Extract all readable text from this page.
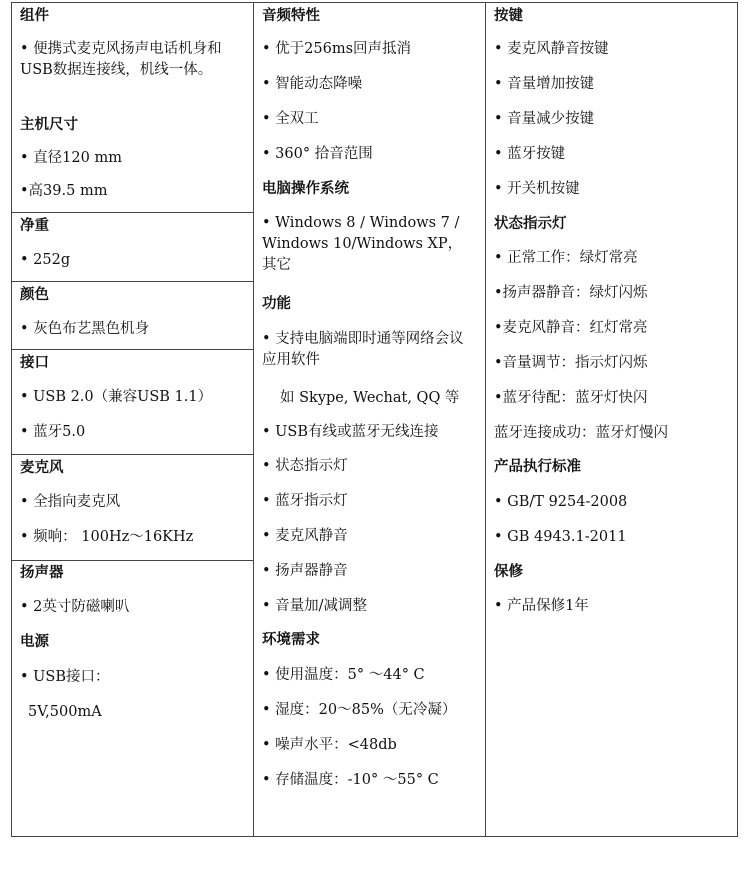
组件
• 便携式麦克风扬声电话机身和USB数据连接线，机线一体。
主机尺寸
• 直径120 mm
•高39.5 mm
净重
• 252g
颜色
• 灰色布艺黑色机身
接口
• USB 2.0（兼容USB 1.1）
• 蓝牙5.0
麦克风
• 全指向麦克风
• 频响： 100Hz～16KHz
扬声器
• 2英寸防磁喇叭
电源
• USB接口：
5V,500mA
音频特性
• 优于256ms回声抵消
• 智能动态降噪
• 全双工
• 360° 拾音范围
电脑操作系统
• Windows 8 / Windows 7 / Windows 10/Windows XP，其它
功能
• 支持电脑端即时通等网络会议应用软件
如 Skype, Wechat, QQ 等
• USB有线或蓝牙无线连接
• 状态指示灯
• 蓝牙指示灯
• 麦克风静音
• 扬声器静音
• 音量加/减调整
环境需求
• 使用温度：5° ～44° C
• 湿度：20～85%（无冷凝）
• 噪声水平：<48db
• 存储温度：-10° ～55° C
按键
• 麦克风静音按键
• 音量增加按键
• 音量减少按键
• 蓝牙按键
• 开关机按键
状态指示灯
• 正常工作：绿灯常亮
•扬声器静音：绿灯闪烁
•麦克风静音：红灯常亮
•音量调节：指示灯闪烁
•蓝牙待配：蓝牙灯快闪
蓝牙连接成功：蓝牙灯慢闪
产品执行标准
• GB/T 9254-2008
• GB 4943.1-2011
保修
• 产品保修1年
